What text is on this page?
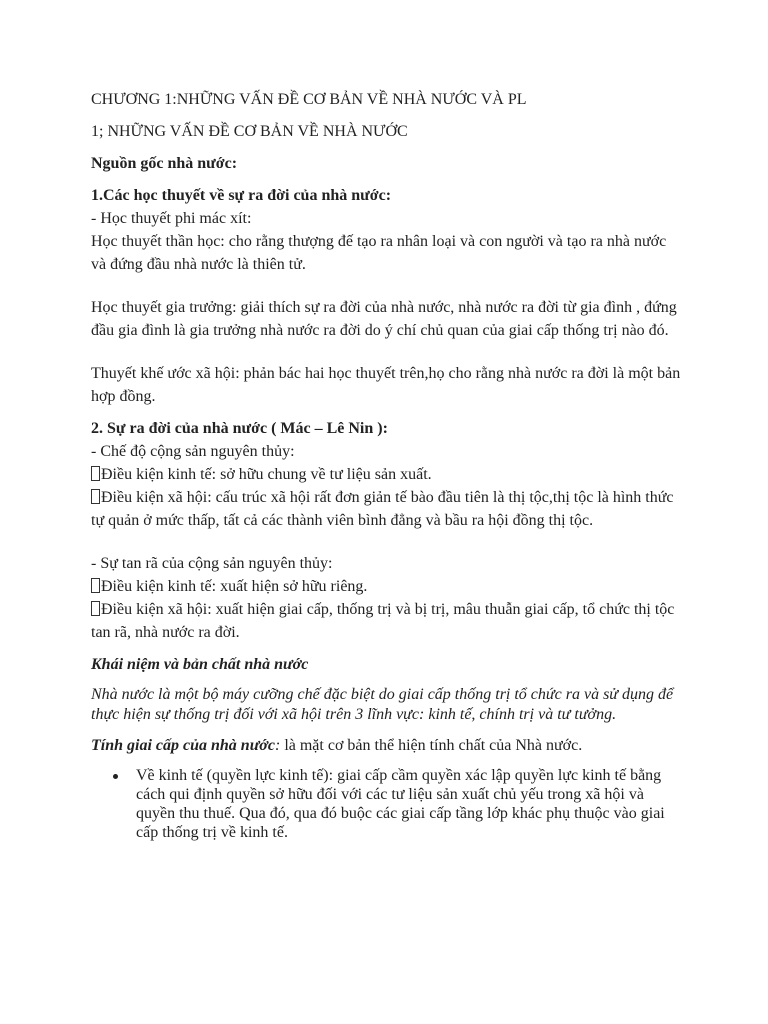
CHƯƠNG 1:NHỮNG VẤN ĐỀ CƠ BẢN VỀ NHÀ NƯỚC VÀ PL

1; NHỮNG VẤN ĐỀ CƠ BẢN VỀ NHÀ NƯỚC

Nguồn gốc nhà nước:

1.Các học thuyết về sự ra đời của nhà nước:

- Học thuyết phi mác xít:

Học thuyết thần học: cho rằng thượng đế tạo ra nhân loại và con người và tạo ra nhà nước và đứng đầu nhà nước là thiên tử.

Học thuyết gia trưởng: giải thích sự ra đời của nhà nước, nhà nước ra đời từ gia đình , đứng đầu gia đình là gia trưởng nhà nước ra đời do ý chí chủ quan của giai cấp thống trị nào đó.

Thuyết khế ước xã hội: phản bác hai học thuyết trên,họ cho rằng nhà nước ra đời là một bản hợp đồng.

2. Sự ra đời của nhà nước ( Mác – Lê Nin ):

- Chế độ cộng sản nguyên thủy:

Điều kiện kinh tế: sở hữu chung về tư liệu sản xuất.

Điều kiện xã hội: cấu trúc xã hội rất đơn giản tế bào đầu tiên là thị tộc,thị tộc là hình thức tự quản ở mức thấp, tất cả các thành viên bình đẳng và bầu ra hội đồng thị tộc.

- Sự tan rã của cộng sản nguyên thủy:

Điều kiện kinh tế: xuất hiện sở hữu riêng.

Điều kiện xã hội: xuất hiện giai cấp, thống trị và bị trị, mâu thuẫn giai cấp, tổ chức thị tộc tan rã, nhà nước ra đời.

Khái niệm và bản chất nhà nước

Nhà nước là một bộ máy cưỡng chế đặc biệt do giai cấp thống trị tổ chức ra và sử dụng để thực hiện sự thống trị đối với xã hội trên 3 lĩnh vực: kinh tế, chính trị và tư tưởng.

Tính giai cấp của nhà nước: là mặt cơ bản thể hiện tính chất của Nhà nước.

Về kinh tế (quyền lực kinh tế): giai cấp cầm quyền xác lập quyền lực kinh tế bằng cách qui định quyền sở hữu đối với các tư liệu sản xuất chủ yếu trong xã hội và quyền thu thuế. Qua đó, qua đó buộc các giai cấp tầng lớp khác phụ thuộc vào giai cấp thống trị về kinh tế.
